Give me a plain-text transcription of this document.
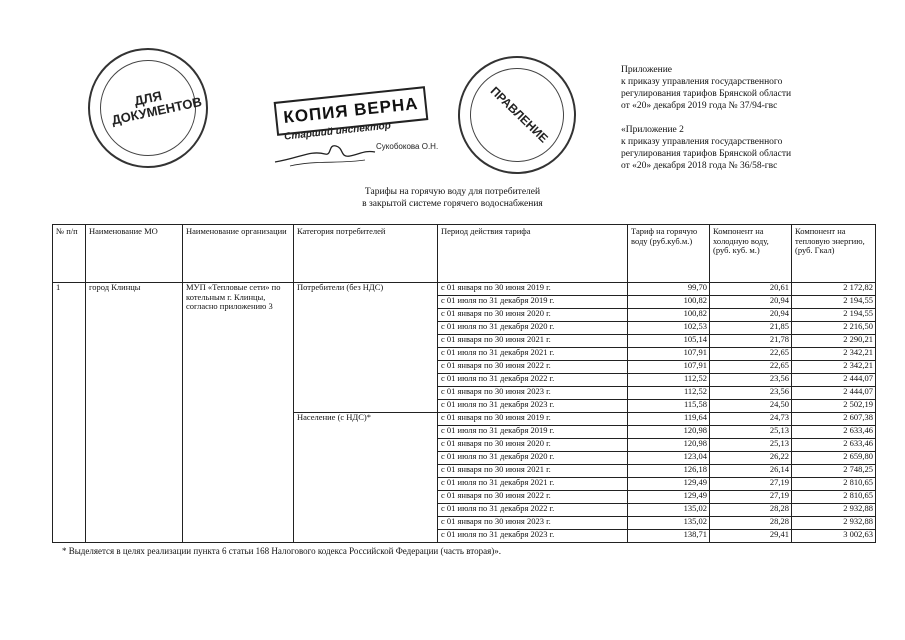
ДЛЯ ДОКУМЕНТОВ	КОПИЯ ВЕРНА
Старший инспектор
Сукобокова О.Н.
ПРАВЛЕНИЕ
Приложение
к приказу управления государственного
регулирования тарифов Брянской области
от «20» декабря 2019 года № 37/94-гвс
«Приложение 2
к приказу управления государственного
регулирования тарифов Брянской области
от «20» декабря 2018 года № 36/58-гвс
Тарифы на горячую воду для потребителей
в закрытой системе горячего водоснабжения
№ п/п	Наименование МО	Наименование организации	Категория потребителей	Период действия тарифа	Тариф на горячую воду (руб.куб.м.)	Компонент на холодную воду, (руб. куб. м.)	Компонент на тепловую энергию, (руб. Гкал)
1	город Клинцы	МУП «Тепловые сети» по котельным г. Клинцы, согласно приложению 3	Потребители (без НДС)	с 01 января по 30 июня 2019 г.	99,70	20,61	2 172,82
				с 01 июля по 31 декабря 2019 г.	100,82	20,94	2 194,55
				с 01 января по 30 июня 2020 г.	100,82	20,94	2 194,55
				с 01 июля по 31 декабря 2020 г.	102,53	21,85	2 216,50
				с 01 января по 30 июня 2021 г.	105,14	21,78	2 290,21
				с 01 июля по 31 декабря 2021 г.	107,91	22,65	2 342,21
				с 01 января по 30 июня 2022 г.	107,91	22,65	2 342,21
				с 01 июля по 31 декабря 2022 г.	112,52	23,56	2 444,07
				с 01 января по 30 июня 2023 г.	112,52	23,56	2 444,07
				с 01 июля по 31 декабря 2023 г.	115,58	24,50	2 502,19
			Население (с НДС)*	с 01 января по 30 июня 2019 г.	119,64	24,73	2 607,38
				с 01 июля по 31 декабря 2019 г.	120,98	25,13	2 633,46
				с 01 января по 30 июня 2020 г.	120,98	25,13	2 633,46
				с 01 июля по 31 декабря 2020 г.	123,04	26,22	2 659,80
				с 01 января по 30 июня 2021 г.	126,18	26,14	2 748,25
				с 01 июля по 31 декабря 2021 г.	129,49	27,19	2 810,65
				с 01 января по 30 июня 2022 г.	129,49	27,19	2 810,65
				с 01 июля по 31 декабря 2022 г.	135,02	28,28	2 932,88
				с 01 января по 30 июня 2023 г.	135,02	28,28	2 932,88
				с 01 июля по 31 декабря 2023 г.	138,71	29,41	3 002,63
* Выделяется в целях реализации пункта 6 статьи 168 Налогового кодекса Российской Федерации (часть вторая)».
